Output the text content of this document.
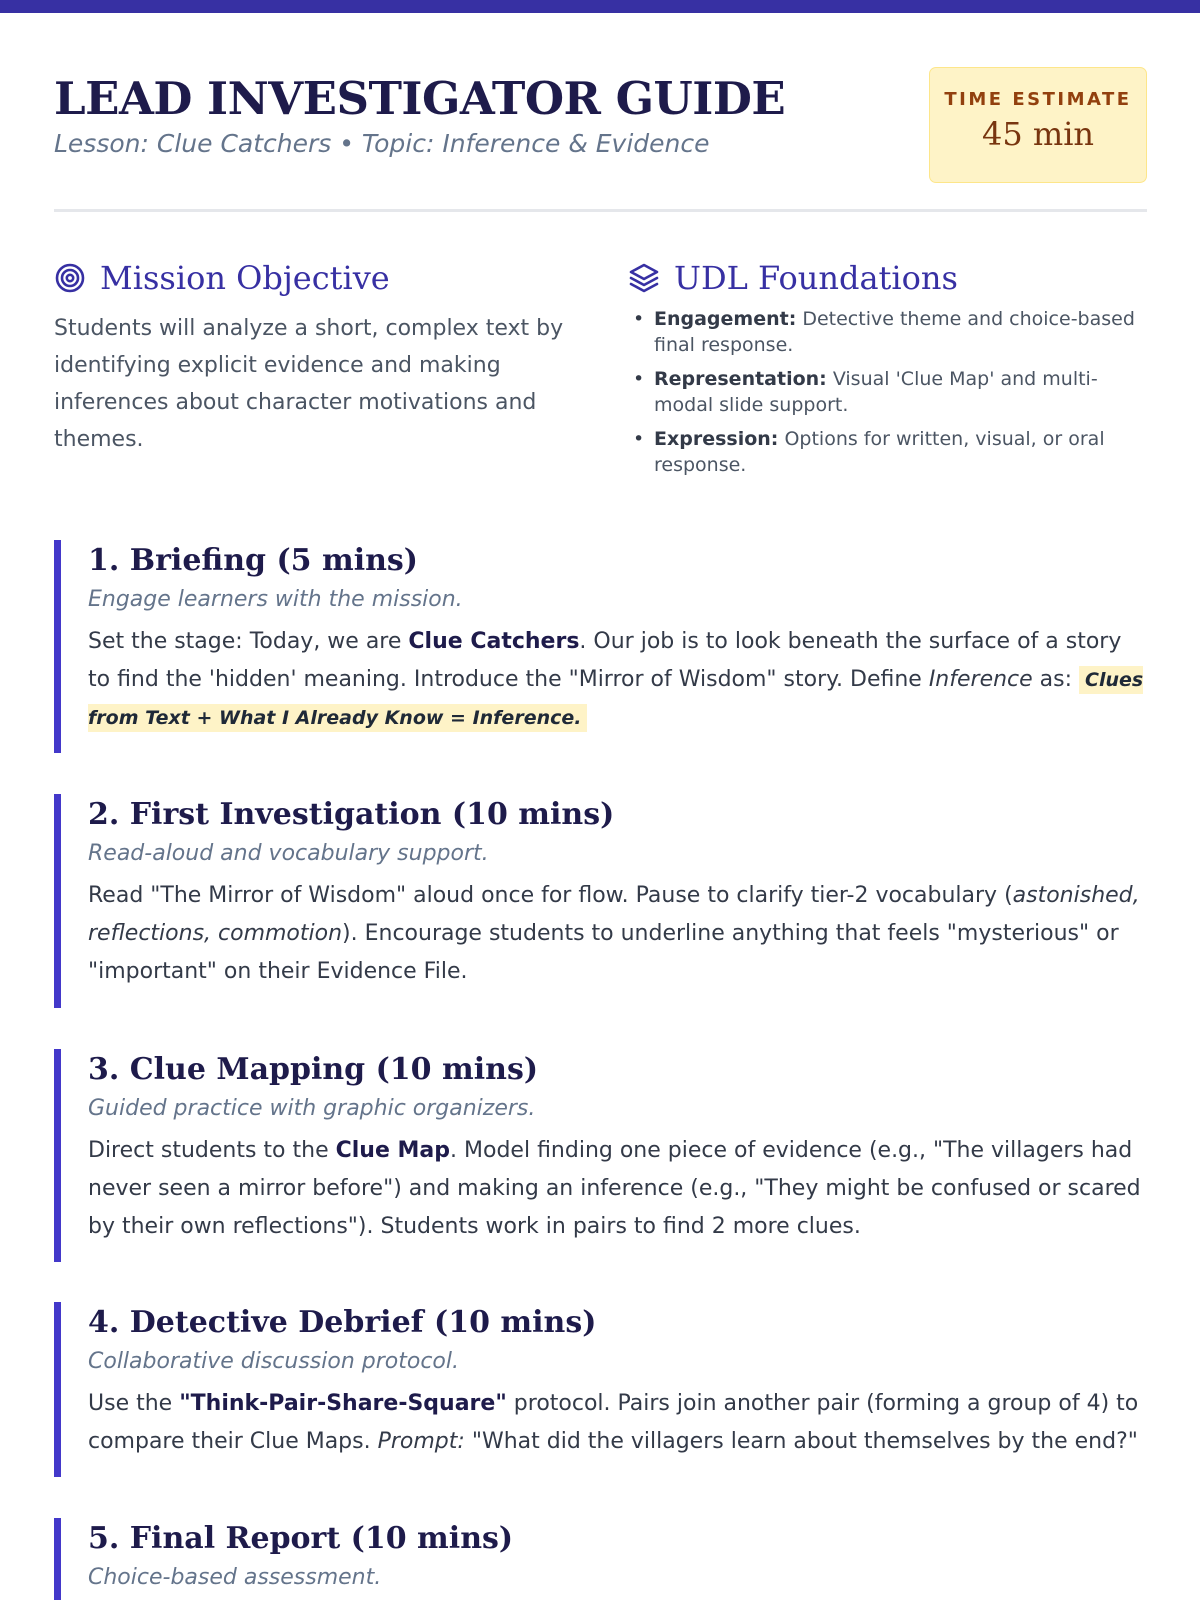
LEAD INVESTIGATOR GUIDE
Lesson: Clue Catchers • Topic: Inference & Evidence
TIME ESTIMATE
45 min
Mission Objective

Students will analyze a short, complex text by identifying explicit evidence and making inferences about character motivations and themes.

UDL Foundations
• Engagement: Detective theme and choice-based final response.
• Representation: Visual 'Clue Map' and multi-modal slide support.
• Expression: Options for written, visual, or oral response.
1. Briefing (5 mins)
Engage learners with the mission.

Set the stage: Today, we are Clue Catchers. Our job is to look beneath the surface of a story to find the 'hidden' meaning. Introduce the "Mirror of Wisdom" story. Define Inference as: Clues from Text + What I Already Know = Inference.

2. First Investigation (10 mins)
Read-aloud and vocabulary support.

Read "The Mirror of Wisdom" aloud once for flow. Pause to clarify tier-2 vocabulary (astonished, reflections, commotion). Encourage students to underline anything that feels "mysterious" or "important" on their Evidence File.

3. Clue Mapping (10 mins)
Guided practice with graphic organizers.

Direct students to the Clue Map. Model finding one piece of evidence (e.g., "The villagers had never seen a mirror before") and making an inference (e.g., "They might be confused or scared by their own reflections"). Students work in pairs to find 2 more clues.

4. Detective Debrief (10 mins)
Collaborative discussion protocol.

Use the "Think-Pair-Share-Square" protocol. Pairs join another pair (forming a group of 4) to compare their Clue Maps. Prompt: "What did the villagers learn about themselves by the end?"

5. Final Report (10 mins)
Choice-based assessment.
